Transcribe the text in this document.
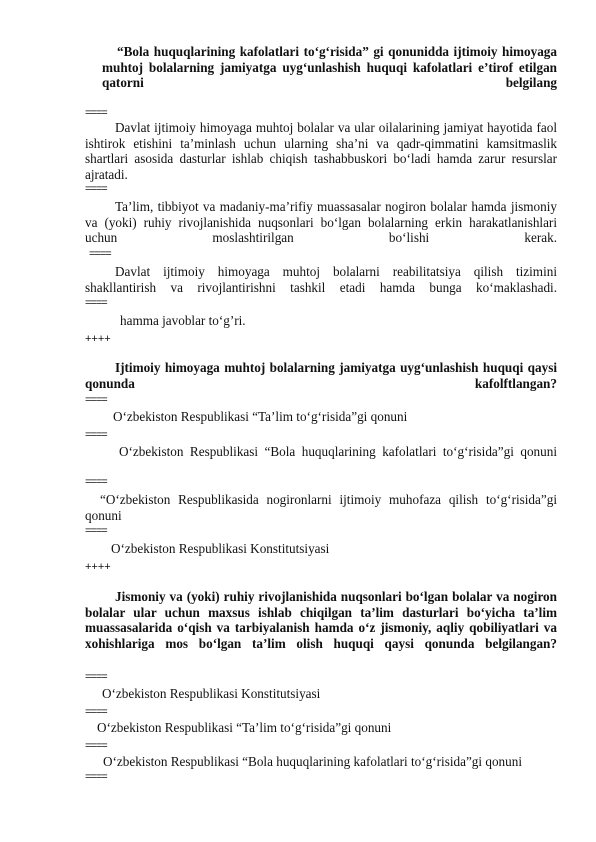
“Bola huquqlarining kafolatlari to‘g‘risida” gi qonunidda ijtimoiy himoyaga muhtoj bolalarning jamiyatga uyg‘unlashish huquqi kafolatlari e’tirof etilgan qatorni belgilang

====

Davlat ijtimoiy himoyaga muhtoj bolalar va ular oilalarining jamiyat hayotida faol ishtirok etishini ta’minlash uchun ularning sha’ni va qadr-qimmatini kamsitmaslik shartlari asosida dasturlar ishlab chiqish tashabbuskori bo‘ladi hamda zarur resurslar ajratadi.

====

Ta’lim, tibbiyot va madaniy-ma’rifiy muassasalar nogiron bolalar hamda jismoniy va (yoki) ruhiy rivojlanishida nuqsonlari bo‘lgan bolalarning erkin harakatlanishlari uchun moslashtirilgan bo‘lishi kerak.

====

Davlat ijtimoiy himoyaga muhtoj bolalarni reabilitatsiya qilish tizimini shakllantirish va rivojlantirishni tashkil etadi hamda bunga ko‘maklashadi.

====

hamma javoblar to‘g’ri.

++++

Ijtimoiy himoyaga muhtoj bolalarning jamiyatga uyg‘unlashish huquqi qaysi qonunda kafolftlangan?

====

O‘zbekiston Respublikasi “Ta’lim to‘g‘risida”gi qonuni

====

O‘zbekiston Respublikasi “Bola huquqlarining kafolatlari to‘g‘risida”gi qonuni

====

“O‘zbekiston Respublikasida nogironlarni ijtimoiy muhofaza qilish to‘g‘risida”gi qonuni

====

O‘zbekiston Respublikasi Konstitutsiyasi

++++

Jismoniy va (yoki) ruhiy rivojlanishida nuqsonlari bo‘lgan bolalar va nogiron bolalar ular uchun maxsus ishlab chiqilgan ta’lim dasturlari bo‘yicha ta’lim muassasalarida o‘qish va tarbiyalanish hamda o‘z jismoniy, aqliy qobiliyatlari va xohishlariga mos bo‘lgan ta’lim olish huquqi qaysi qonunda belgilangan?

====

O‘zbekiston Respublikasi Konstitutsiyasi

====

O‘zbekiston Respublikasi “Ta’lim to‘g‘risida”gi qonuni

====

O‘zbekiston Respublikasi “Bola huquqlarining kafolatlari to‘g‘risida”gi qonuni

====
